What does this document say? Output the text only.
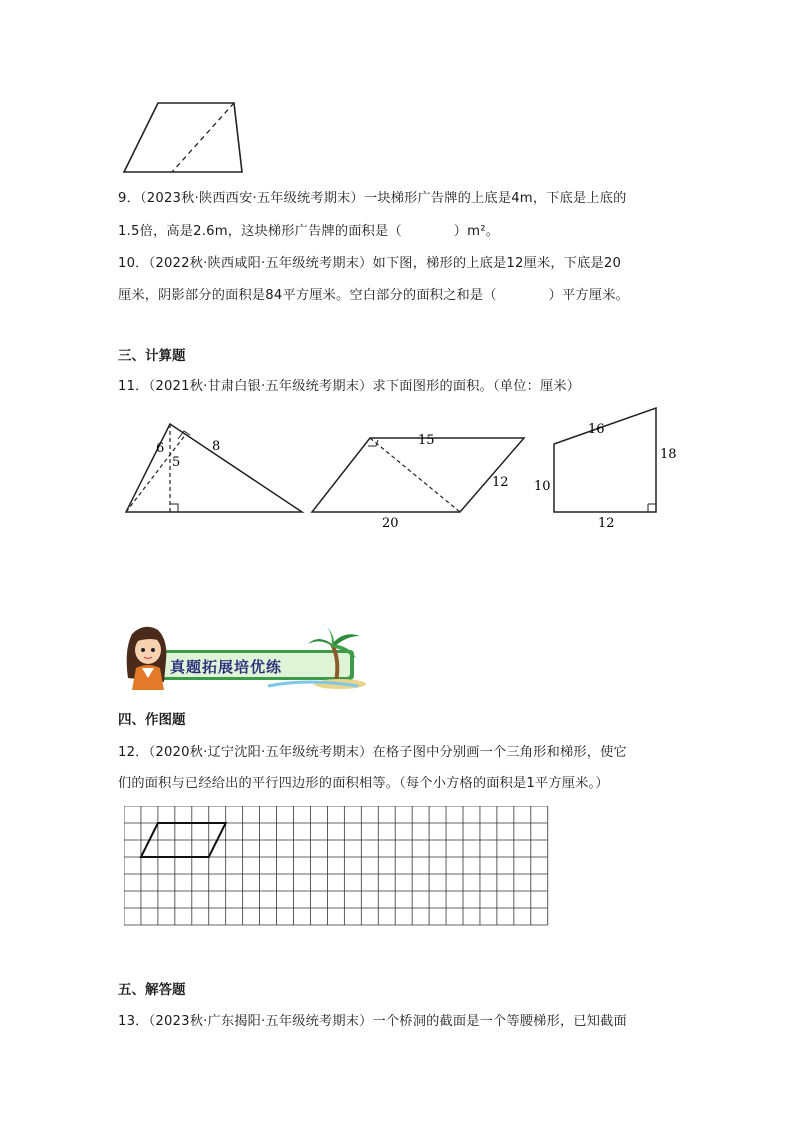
9．（2023秋·陕西西安·五年级统考期末）一块梯形广告牌的上底是4m，下底是上底的
1.5倍，高是2.6m，这块梯形广告牌的面积是（	）m²。
10．（2022秋·陕西咸阳·五年级统考期末）如下图，梯形的上底是12厘米，下底是20
厘米，阴影部分的面积是84平方厘米。空白部分的面积之和是（	）平方厘米。
三、计算题
11．（2021秋·甘肃白银·五年级统考期末）求下面图形的面积。（单位：厘米）
6
5
8	15
12
20
16
18
10
12
真题拓展培优练
四、作图题
12．（2020秋·辽宁沈阳·五年级统考期末）在格子图中分别画一个三角形和梯形，使它
们的面积与已经给出的平行四边形的面积相等。（每个小方格的面积是1平方厘米。）
五、解答题
13．（2023秋·广东揭阳·五年级统考期末）一个桥洞的截面是一个等腰梯形，已知截面
